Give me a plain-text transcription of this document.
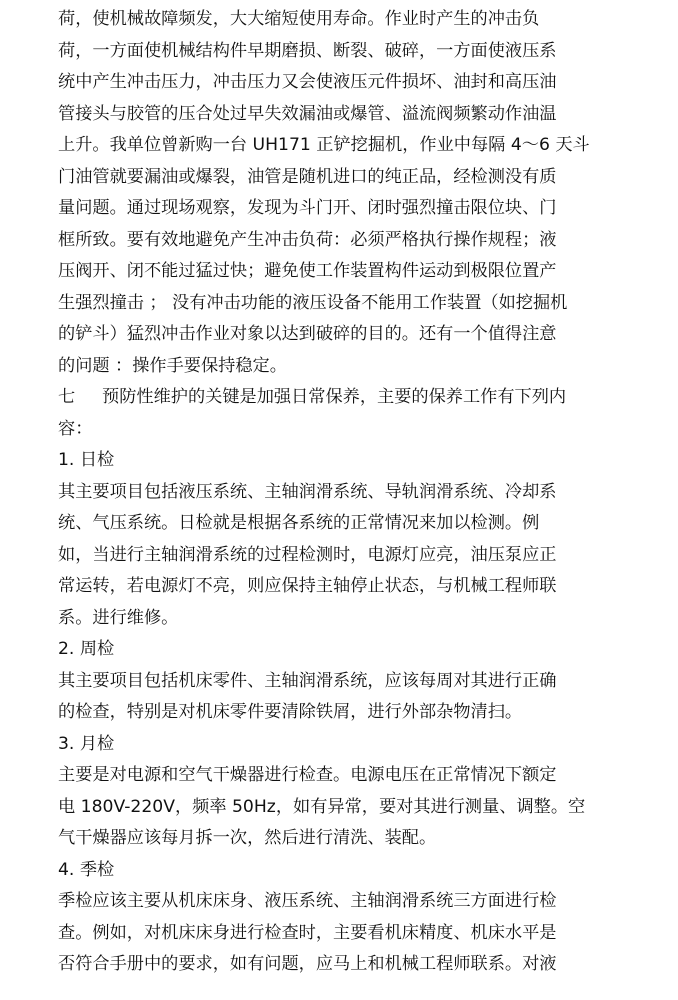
荷，使机械故障频发，大大缩短使用寿命。作业时产生的冲击负
荷，一方面使机械结构件早期磨损、断裂、破碎，一方面使液压系
统中产生冲击压力，冲击压力又会使液压元件损坏、油封和高压油
管接头与胶管的压合处过早失效漏油或爆管、溢流阀频繁动作油温
上升。我单位曾新购一台 UH171 正铲挖掘机，作业中每隔 4～6 天斗
门油管就要漏油或爆裂，油管是随机进口的纯正品，经检测没有质
量问题。通过现场观察，发现为斗门开、闭时强烈撞击限位块、门
框所致。要有效地避免产生冲击负荷：必须严格执行操作规程；液
压阀开、闭不能过猛过快；避免使工作装置构件运动到极限位置产
生强烈撞击 ； 没有冲击功能的液压设备不能用工作装置（如挖掘机
的铲斗）猛烈冲击作业对象以达到破碎的目的。还有一个值得注意
的问题 ：操作手要保持稳定。
七 预防性维护的关键是加强日常保养，主要的保养工作有下列内
容：
1. 日检
其主要项目包括液压系统、主轴润滑系统、导轨润滑系统、冷却系
统、气压系统。日检就是根据各系统的正常情况来加以检测。例
如，当进行主轴润滑系统的过程检测时，电源灯应亮，油压泵应正
常运转，若电源灯不亮，则应保持主轴停止状态，与机械工程师联
系。进行维修。
2. 周检
其主要项目包括机床零件、主轴润滑系统，应该每周对其进行正确
的检查，特别是对机床零件要清除铁屑，进行外部杂物清扫。
3. 月检
主要是对电源和空气干燥器进行检查。电源电压在正常情况下额定
电 180V-220V，频率 50Hz，如有异常，要对其进行测量、调整。空
气干燥器应该每月拆一次，然后进行清洗、装配。
4. 季检
季检应该主要从机床床身、液压系统、主轴润滑系统三方面进行检
查。例如，对机床床身进行检查时，主要看机床精度、机床水平是
否符合手册中的要求，如有问题，应马上和机械工程师联系。对液
